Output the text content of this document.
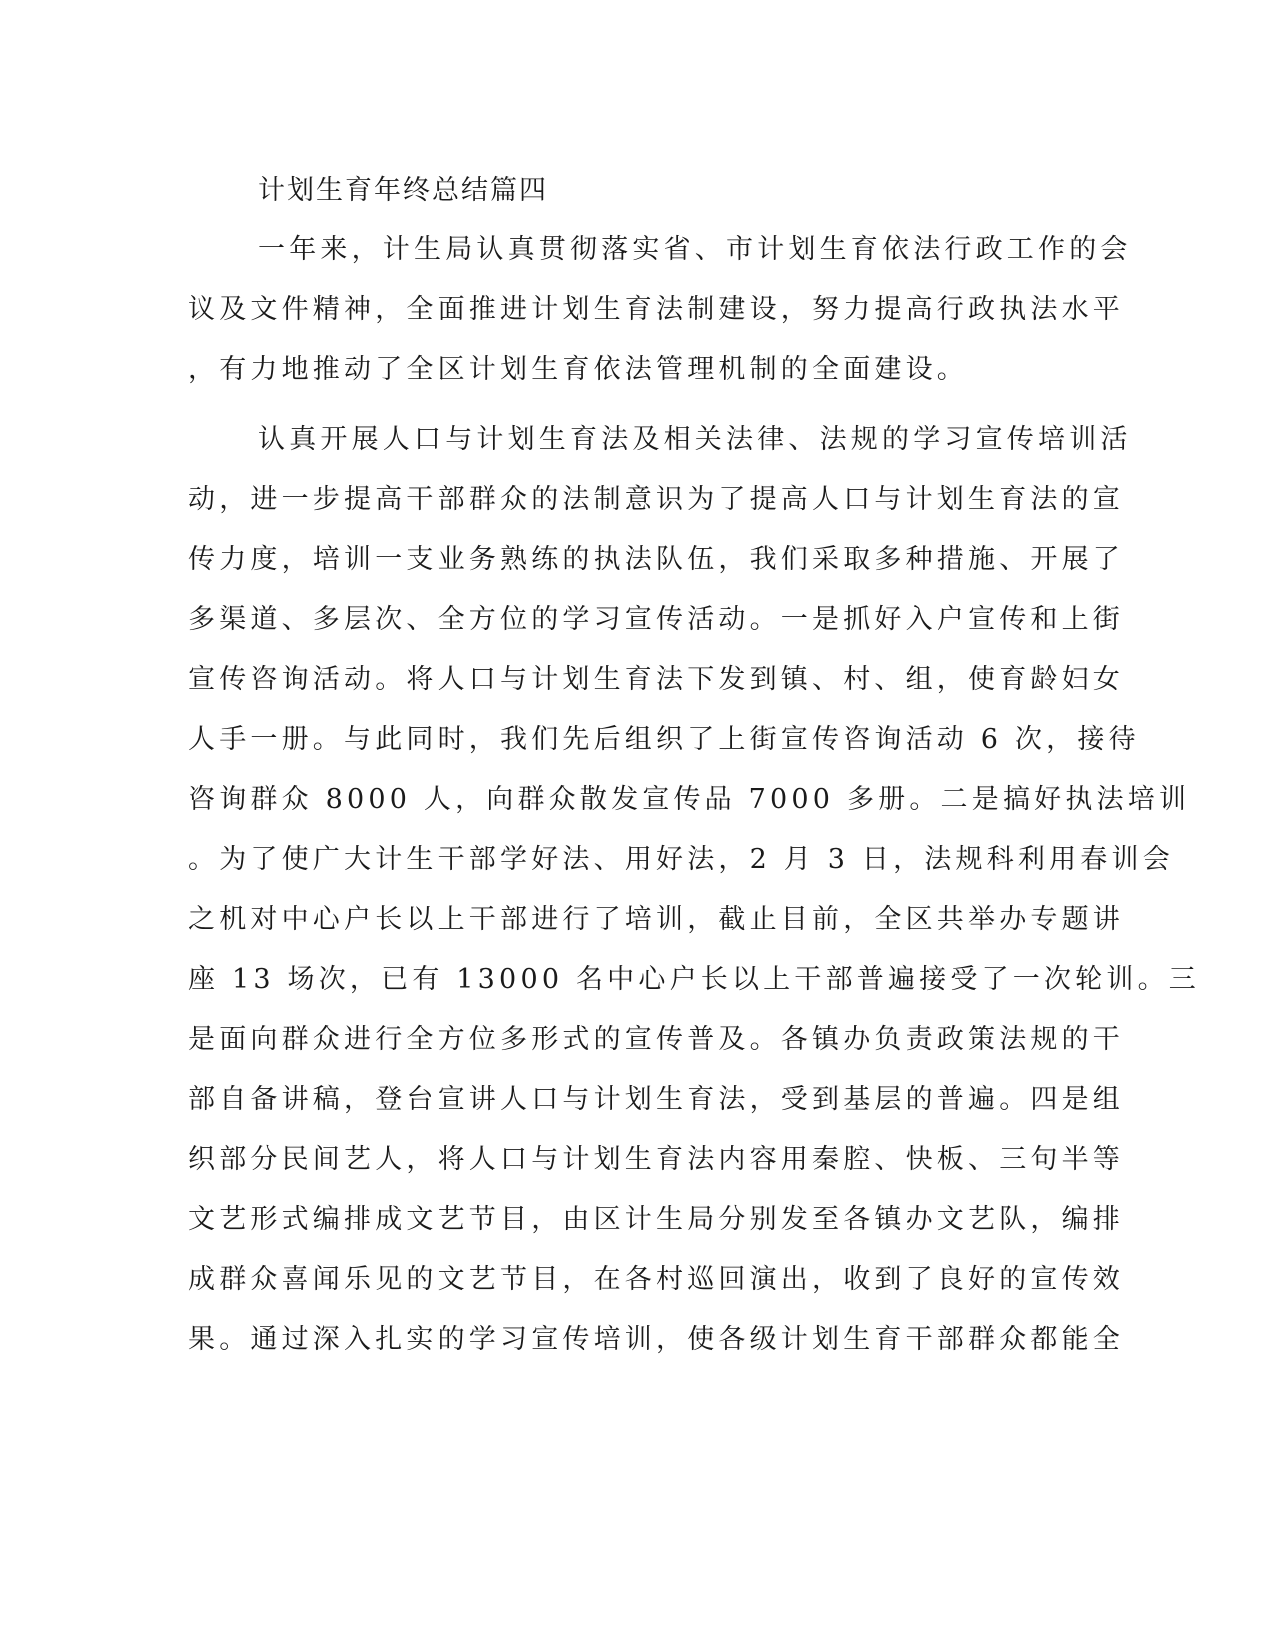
计划生育年终总结篇四

一年来，计生局认真贯彻落实省、市计划生育依法行政工作的会

议及文件精神，全面推进计划生育法制建设，努力提高行政执法水平

，有力地推动了全区计划生育依法管理机制的全面建设。

认真开展人口与计划生育法及相关法律、法规的学习宣传培训活

动，进一步提高干部群众的法制意识为了提高人口与计划生育法的宣

传力度，培训一支业务熟练的执法队伍，我们采取多种措施、开展了

多渠道、多层次、全方位的学习宣传活动。一是抓好入户宣传和上街

宣传咨询活动。将人口与计划生育法下发到镇、村、组，使育龄妇女

人手一册。与此同时，我们先后组织了上街宣传咨询活动 6 次，接待

咨询群众 8000 人，向群众散发宣传品 7000 多册。二是搞好执法培训

。为了使广大计生干部学好法、用好法，2 月 3 日，法规科利用春训会

之机对中心户长以上干部进行了培训，截止目前，全区共举办专题讲

座 13 场次，已有 13000 名中心户长以上干部普遍接受了一次轮训。三

是面向群众进行全方位多形式的宣传普及。各镇办负责政策法规的干

部自备讲稿，登台宣讲人口与计划生育法，受到基层的普遍。四是组

织部分民间艺人，将人口与计划生育法内容用秦腔、快板、三句半等

文艺形式编排成文艺节目，由区计生局分别发至各镇办文艺队，编排

成群众喜闻乐见的文艺节目，在各村巡回演出，收到了良好的宣传效

果。通过深入扎实的学习宣传培训，使各级计划生育干部群众都能全
